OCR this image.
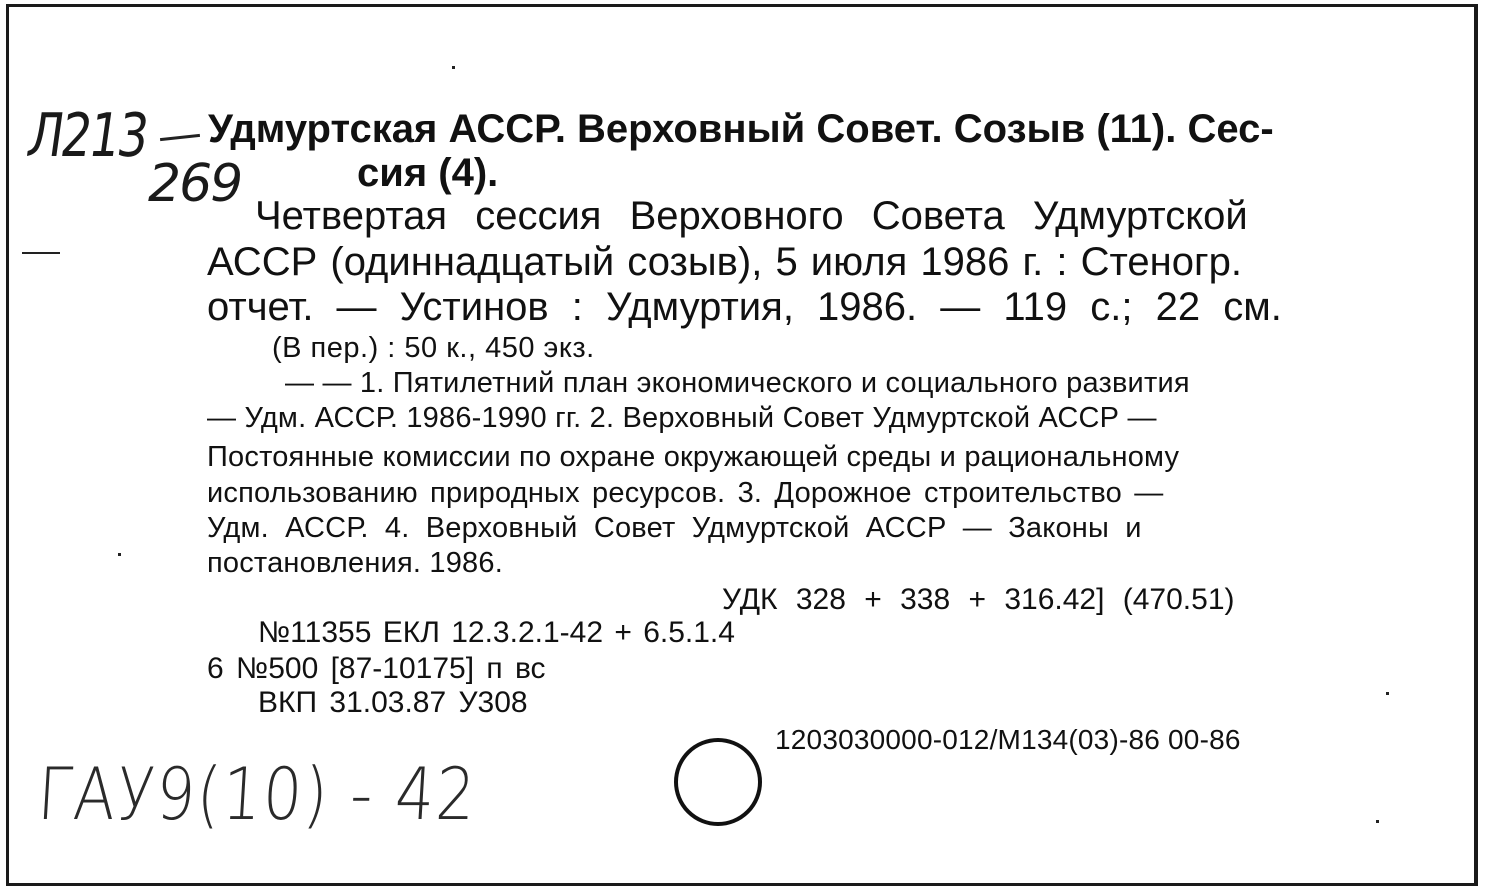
Л213
269
Удмуртская АССР. Верховный Совет. Созыв (11). Сес-
сия (4).
Четвертая сессия Верховного Совета Удмуртской
АССР (одиннадцатый созыв), 5 июля 1986 г. : Стеногр.
отчет. — Устинов : Удмуртия, 1986. — 119 с.; 22 см.
(В пер.) : 50 к., 450 экз.
— — 1. Пятилетний план экономического и социального развития
— Удм. АССР. 1986-1990 гг. 2. Верховный Совет Удмуртской АССР —
Постоянные комиссии по охране окружающей среды и рациональному
использованию природных ресурсов. 3. Дорожное строительство —
Удм. АССР. 4. Верховный Совет Удмуртской АССР — Законы и
постановления. 1986.
УДК 328 + 338 + 316.42] (470.51)
№11355 ЕКЛ 12.3.2.1-42 + 6.5.1.4
6 №500 [87-10175] п вс
ВКП 31.03.87 У308
1203030000-012/М134(03)-86 00-86
ГАУ9(10) - 42
